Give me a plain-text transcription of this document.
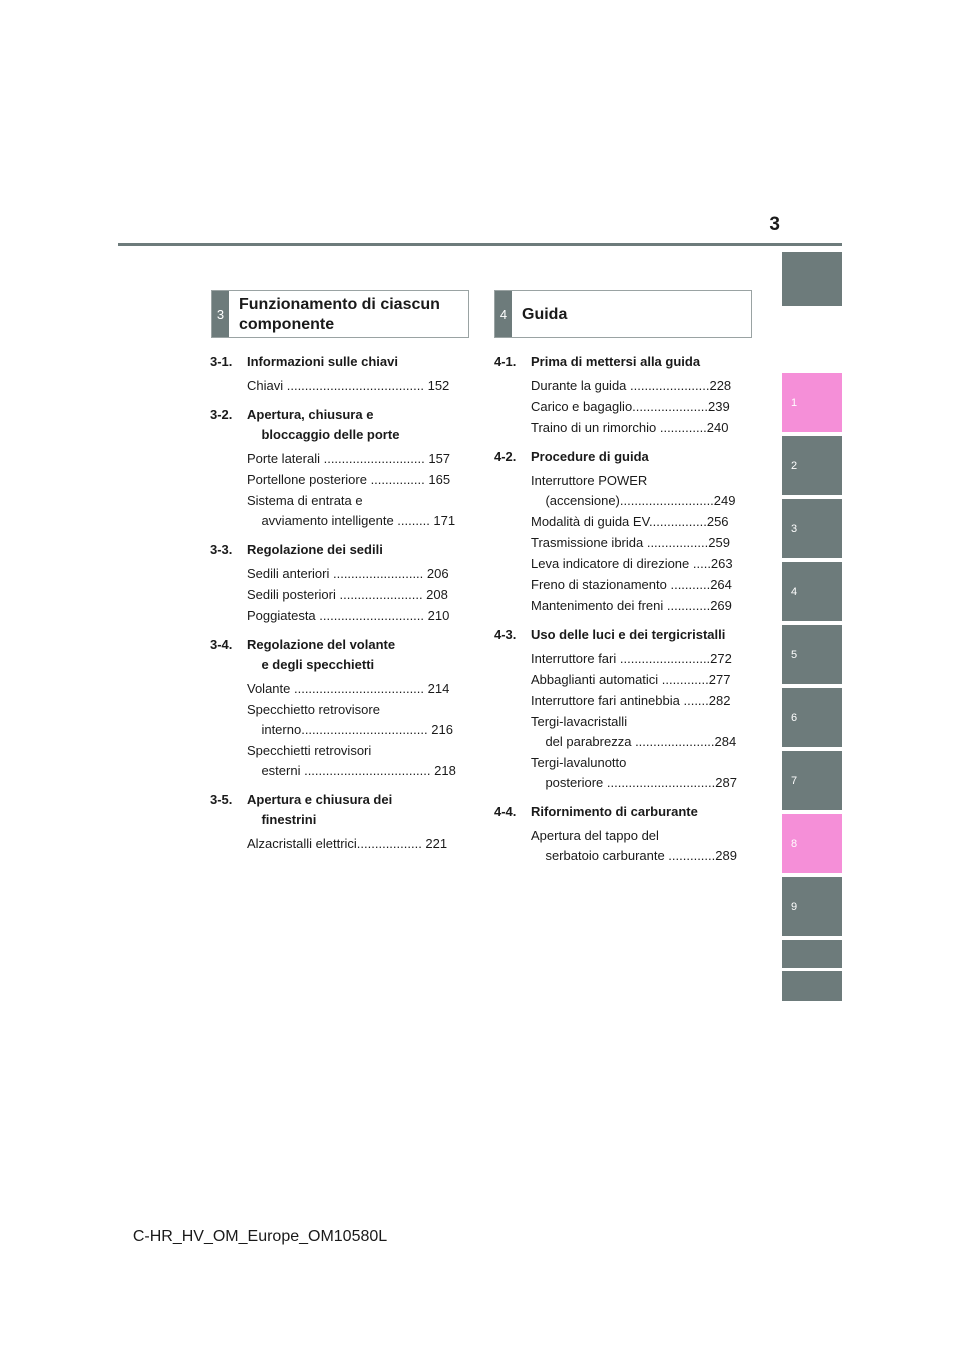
3
1
2
3
4
5
6
7
8
9
3
Funzionamento di ciascun
componente
4 Guida
3-1. Informazioni sulle chiavi
Chiavi ...................................... 152
3-2. Apertura, chiusura e
bloccaggio delle porte
Porte laterali ............................ 157
Portellone posteriore ............... 165
Sistema di entrata e
avviamento intelligente ......... 171
3-3. Regolazione dei sedili
Sedili anteriori ......................... 206
Sedili posteriori ....................... 208
Poggiatesta ............................. 210
3-4. Regolazione del volante
e degli specchietti
Volante .................................... 214
Specchietto retrovisore
interno................................... 216
Specchietti retrovisori
esterni ................................... 218
3-5. Apertura e chiusura dei
finestrini
Alzacristalli elettrici.................. 221
4-1. Prima di mettersi alla guida
Durante la guida ......................228
Carico e bagaglio.....................239
Traino di un rimorchio .............240
4-2. Procedure di guida
Interruttore POWER
(accensione)..........................249
Modalità di guida EV................256
Trasmissione ibrida .................259
Leva indicatore di direzione .....263
Freno di stazionamento ...........264
Mantenimento dei freni ............269
4-3. Uso delle luci e dei tergicristalli
Interruttore fari .........................272
Abbaglianti automatici .............277
Interruttore fari antinebbia .......282
Tergi-lavacristalli
del parabrezza ......................284
Tergi-lavalunotto
posteriore ..............................287
4-4. Rifornimento di carburante
Apertura del tappo del
serbatoio carburante .............289
C-HR_HV_OM_Europe_OM10580L
